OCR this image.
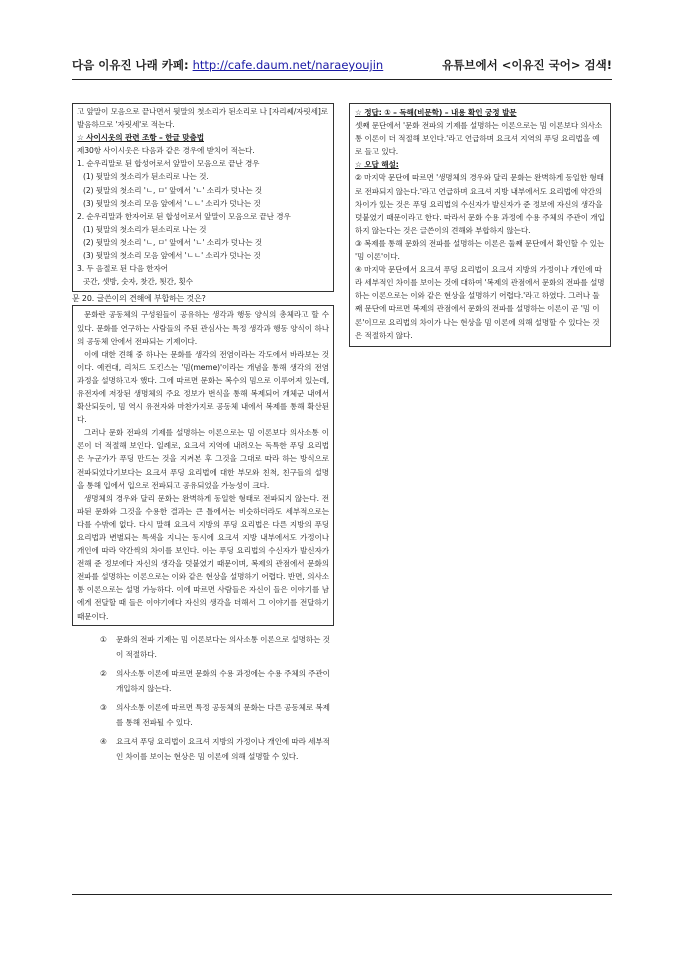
다음 이유진 나래 카페: http://cafe.daum.net/naraeyoujin	유튜브에서 <이유진 국어> 검색!

고 앞말이 모음으로 끝나면서 뒷말의 첫소리가 된소리로 나 [자리쎄/자릿세]로 발음하므로 '자릿세'로 적는다.

☆ 사이시옷의 관련 조항 – 한글 맞춤법

제30항 사이시옷은 다음과 같은 경우에 받치어 적는다.

1. 순우리말로 된 합성어로서 앞말이 모음으로 끝난 경우

(1) 뒷말의 첫소리가 된소리로 나는 것.

(2) 뒷말의 첫소리 'ㄴ, ㅁ' 앞에서 'ㄴ' 소리가 덧나는 것

(3) 뒷말의 첫소리 모음 앞에서 'ㄴㄴ' 소리가 덧나는 것

2. 순우리말과 한자어로 된 합성어로서 앞말이 모음으로 끝난 경우

(1) 뒷말의 첫소리가 된소리로 나는 것

(2) 뒷말의 첫소리 'ㄴ, ㅁ' 앞에서 'ㄴ' 소리가 덧나는 것

(3) 뒷말의 첫소리 모음 앞에서 'ㄴㄴ' 소리가 덧나는 것

3. 두 음절로 된 다음 한자어

곳간, 셋방, 숫자, 찻간, 툇간, 횟수

문 20. 글쓴이의 견해에 부합하는 것은?

문화란 공동체의 구성원들이 공유하는 생각과 행동 양식의 총체라고 할 수 있다. 문화를 연구하는 사람들의 주된 관심사는 특정 생각과 행동 양식이 하나의 공동체 안에서 전파되는 기제이다.

이에 대한 견해 중 하나는 문화를 생각의 전염이라는 각도에서 바라보는 것이다. 예컨대, 리처드 도킨스는 '밈(meme)'이라는 개념을 통해 생각의 전염 과정을 설명하고자 했다. 그에 따르면 문화는 복수의 밈으로 이루어져 있는데, 유전자에 저장된 생명체의 주요 정보가 번식을 통해 복제되어 개체군 내에서 확산되듯이, 밈 역시 유전자와 마찬가지로 공동체 내에서 복제를 통해 확산된다.

그러나 문화 전파의 기제를 설명하는 이론으로는 밈 이론보다 의사소통 이론이 더 적절해 보인다. 일례로, 요크셔 지역에 내려오는 독특한 푸딩 요리법은 누군가가 푸딩 만드는 것을 지켜본 후 그것을 그대로 따라 하는 방식으로 전파되었다기보다는 요크셔 푸딩 요리법에 대한 부모와 친척, 친구들의 설명을 통해 입에서 입으로 전파되고 공유되었을 가능성이 크다.

생명체의 경우와 달리 문화는 완벽하게 동일한 형태로 전파되지 않는다. 전파된 문화와 그것을 수용한 결과는 큰 틀에서는 비슷하더라도 세부적으로는 다를 수밖에 없다. 다시 말해 요크셔 지방의 푸딩 요리법은 다른 지방의 푸딩 요리법과 변별되는 특색을 지니는 동시에 요크셔 지방 내부에서도 가정이나 개인에 따라 약간씩의 차이를 보인다. 이는 푸딩 요리법의 수신자가 발신자가 전해 준 정보에다 자신의 생각을 덧붙였기 때문이며, 복제의 관점에서 문화의 전파를 설명하는 이론으로는 이와 같은 현상을 설명하기 어렵다. 반면, 의사소통 이론으로는 설명 가능하다. 이에 따르면 사람들은 자신이 들은 이야기를 남에게 전달할 때 들은 이야기에다 자신의 생각을 더해서 그 이야기를 전달하기 때문이다.

①	문화의 전파 기제는 밈 이론보다는 의사소통 이론으로 설명하는 것이 적절하다.
②	의사소통 이론에 따르면 문화의 수용 과정에는 수용 주체의 주관이 개입하지 않는다.
③	의사소통 이론에 따르면 특정 공동체의 문화는 다른 공동체로 복제를 통해 전파될 수 있다.
④	요크셔 푸딩 요리법이 요크셔 지방의 가정이나 개인에 따라 세부적인 차이를 보이는 현상은 밈 이론에 의해 설명할 수 있다.

☆ 정답: ① – 독해(비문학) – 내용 확인 궁정 발문

셋째 문단에서 '문화 전파의 기제를 설명하는 이론으로는 밈 이론보다 의사소통 이론이 더 적절해 보인다.'라고 언급하며 요크셔 지역의 푸딩 요리법을 예로 들고 있다.

☆ 오답 해설:

② 마지막 문단에 따르면 '생명체의 경우와 달리 문화는 완벽하게 동일한 형태로 전파되지 않는다.'라고 언급하며 요크셔 지방 내부에서도 요리법에 약간의 차이가 있는 것은 푸딩 요리법의 수신자가 발신자가 준 정보에 자신의 생각을 덧붙였기 때문이라고 한다. 따라서 문화 수용 과정에 수용 주체의 주관이 개입하지 않는다는 것은 글쓴이의 견해와 부합하지 않는다.

③ 복제를 통해 문화의 전파를 설명하는 이론은 둘째 문단에서 확인할 수 있는 '밈 이론'이다.

④ 마지막 문단에서 요크셔 푸딩 요리법이 요크셔 지방의 가정이나 개인에 따라 세부적인 차이를 보이는 것에 대하여 '복제의 관점에서 문화의 전파를 설명하는 이론으로는 이와 같은 현상을 설명하기 어렵다.'라고 하였다. 그러나 둘째 문단에 따르면 복제의 관점에서 문화의 전파를 설명하는 이론이 곧 '밈 이론'이므로 요리법의 차이가 나는 현상을 밈 이론에 의해 설명할 수 있다는 것은 적절하지 않다.
